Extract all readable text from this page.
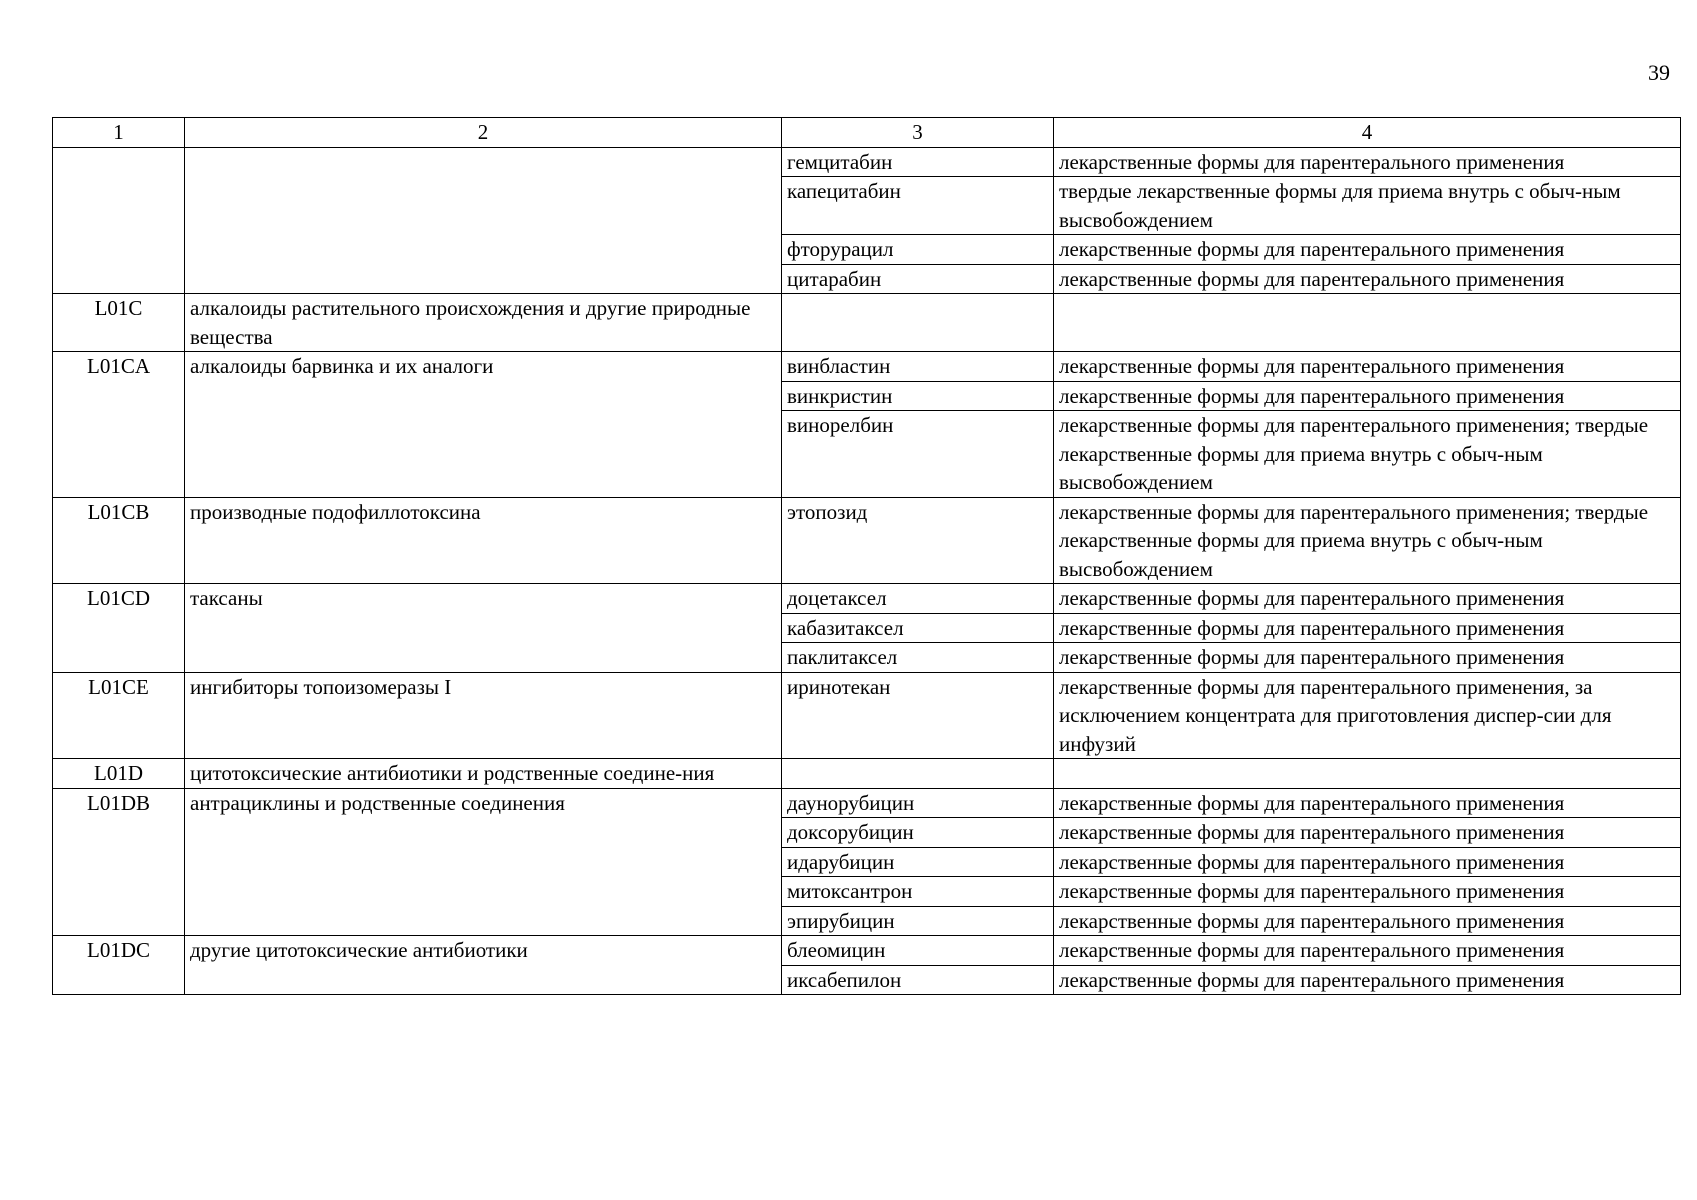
39
1	2	3	4
		гемцитабин	лекарственные формы для парентерального применения
		капецитабин	твердые лекарственные формы для приема внутрь с обыч-ным высвобождением
		фторурацил	лекарственные формы для парентерального применения
		цитарабин	лекарственные формы для парентерального применения
L01C	алкалоиды растительного происхождения и другие природные вещества		
L01CA	алкалоиды барвинка и их аналоги	винбластин	лекарственные формы для парентерального применения
		винкристин	лекарственные формы для парентерального применения
		винорелбин	лекарственные формы для парентерального применения; твердые лекарственные формы для приема внутрь с обыч-ным высвобождением
L01CB	производные подофиллотоксина	этопозид	лекарственные формы для парентерального применения; твердые лекарственные формы для приема внутрь с обыч-ным высвобождением
L01CD	таксаны	доцетаксел	лекарственные формы для парентерального применения
		кабазитаксел	лекарственные формы для парентерального применения
		паклитаксел	лекарственные формы для парентерального применения
L01CE	ингибиторы топоизомеразы I	иринотекан	лекарственные формы для парентерального применения, за исключением концентрата для приготовления диспер-сии для инфузий
L01D	цитотоксические антибиотики и родственные соедине-ния		
L01DB	антрациклины и родственные соединения	даунорубицин	лекарственные формы для парентерального применения
		доксорубицин	лекарственные формы для парентерального применения
		идарубицин	лекарственные формы для парентерального применения
		митоксантрон	лекарственные формы для парентерального применения
		эпирубицин	лекарственные формы для парентерального применения
L01DC	другие цитотоксические антибиотики	блеомицин	лекарственные формы для парентерального применения
		иксабепилон	лекарственные формы для парентерального применения
